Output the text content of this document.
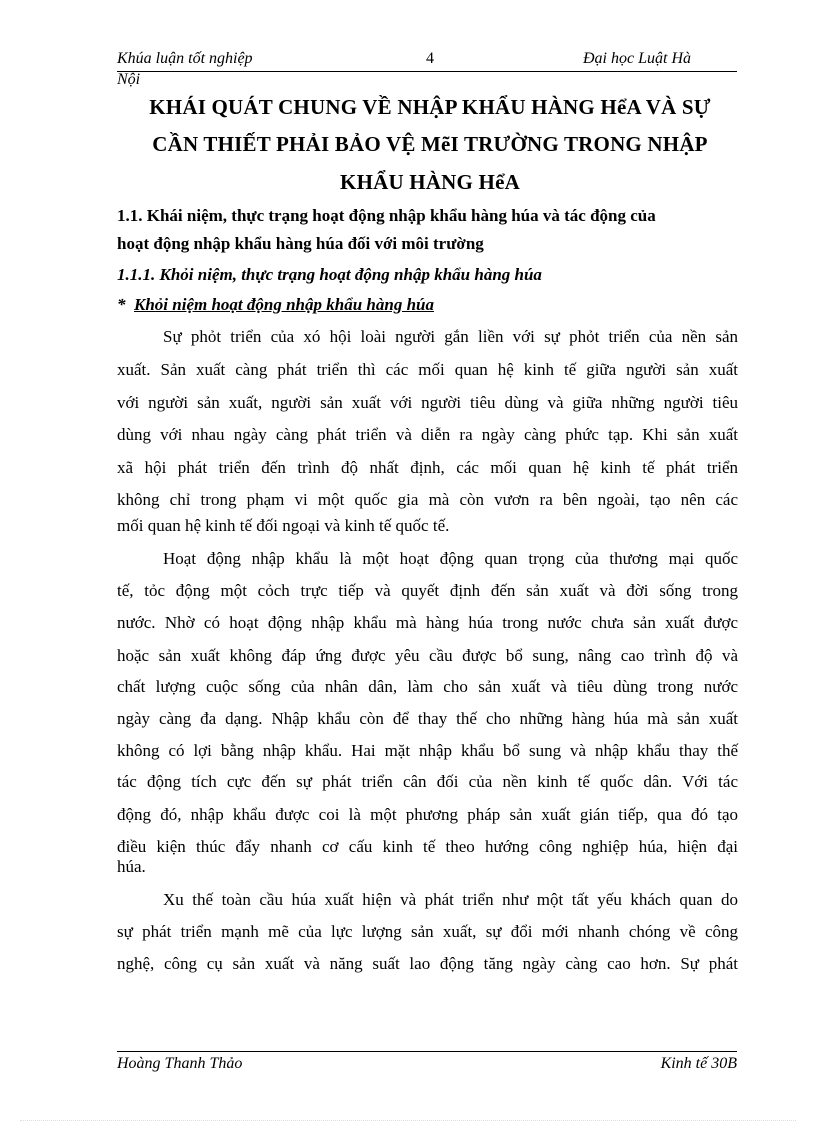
Khúa luận tốt nghiệp	4	Đại học Luật Hà
Nội
KHÁI QUÁT CHUNG VỀ NHẬP KHẨU HÀNG HểA VÀ SỰ
CẦN THIẾT PHẢI BẢO VỆ MẽI TRƯỜNG TRONG NHẬP
KHẨU HÀNG HểA
1.1. Khái niệm, thực trạng hoạt động nhập khẩu hàng húa và tác động của
hoạt động nhập khẩu hàng húa đối với môi trường
1.1.1. Khỏi niệm, thực trạng hoạt động nhập khẩu hàng húa
* Khỏi niệm hoạt động nhập khẩu hàng húa
Sự phỏt triển của xó hội loài người gắn liền với sự phỏt triển của nền sản
xuất. Sản xuất càng phát triển thì các mối quan hệ kinh tế giữa người sản xuất
với người sản xuất, người sản xuất với người tiêu dùng và giữa những người tiêu
dùng với nhau ngày càng phát triển và diễn ra ngày càng phức tạp. Khi sản xuất
xã hội phát triển đến trình độ nhất định, các mối quan hệ kinh tế phát triển
không chỉ trong phạm vi một quốc gia mà còn vươn ra bên ngoài, tạo nên các
mối quan hệ kinh tế đối ngoại và kinh tế quốc tế.
Hoạt động nhập khẩu là một hoạt động quan trọng của thương mại quốc
tế, tỏc động một cỏch trực tiếp và quyết định đến sản xuất và đời sống trong
nước. Nhờ có hoạt động nhập khẩu mà hàng húa trong nước chưa sản xuất được
hoặc sản xuất không đáp ứng được yêu cầu được bổ sung, nâng cao trình độ và
chất lượng cuộc sống của nhân dân, làm cho sản xuất và tiêu dùng trong nước
ngày càng đa dạng. Nhập khẩu còn để thay thế cho những hàng húa mà sản xuất
không có lợi bằng nhập khẩu. Hai mặt nhập khẩu bổ sung và nhập khẩu thay thế
tác động tích cực đến sự phát triển cân đối của nền kinh tế quốc dân. Với tác
động đó, nhập khẩu được coi là một phương pháp sản xuất gián tiếp, qua đó tạo
điều kiện thúc đẩy nhanh cơ cấu kinh tế theo hướng công nghiệp húa, hiện đại
húa.
Xu thế toàn cầu húa xuất hiện và phát triển như một tất yếu khách quan do
sự phát triển mạnh mẽ của lực lượng sản xuất, sự đổi mới nhanh chóng về công
nghệ, công cụ sản xuất và năng suất lao động tăng ngày càng cao hơn. Sự phát
Hoàng Thanh Thảo	Kinh tế 30B
